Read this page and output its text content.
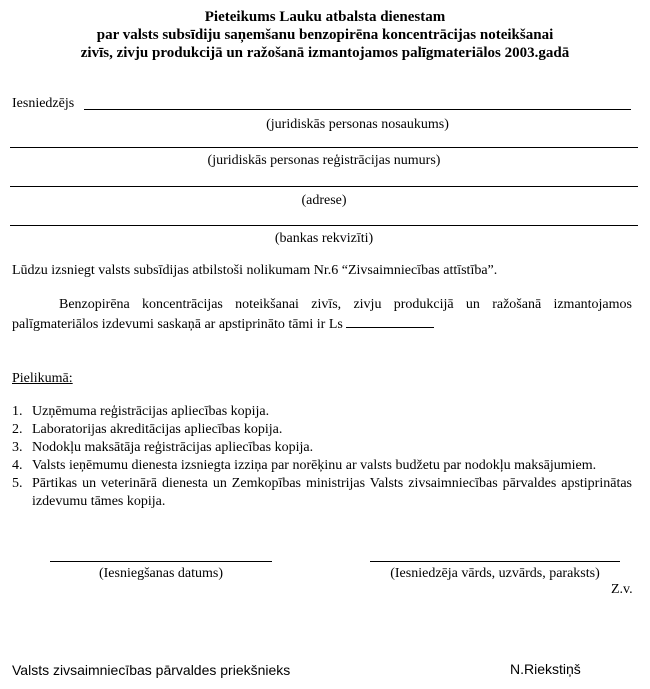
Pieteikums Lauku atbalsta dienestam
par valsts subsīdiju saņemšanu benzopirēna koncentrācijas noteikšanai
zivīs, zivju produkcijā un ražošanā izmantojamos palīgmateriālos 2003.gadā
Iesniedzējs
(juridiskās personas nosaukums)
(juridiskās personas reģistrācijas numurs)
(adrese)
(bankas rekvizīti)
Lūdzu izsniegt valsts subsīdijas atbilstoši nolikumam Nr.6 “Zivsaimniecības attīstība”.
Benzopirēna koncentrācijas noteikšanai zivīs, zivju produkcijā un ražošanā izmantojamos palīgmateriālos izdevumi saskaņā ar apstiprināto tāmi ir Ls
Pielikumā:
1. Uzņēmuma reģistrācijas apliecības kopija.
2. Laboratorijas akreditācijas apliecības kopija.
3. Nodokļu maksātāja reģistrācijas apliecības kopija.
4. Valsts ieņēmumu dienesta izsniegta izziņa par norēķinu ar valsts budžetu par nodokļu maksājumiem.
5. Pārtikas un veterinārā dienesta un Zemkopības ministrijas Valsts zivsaimniecības pārvaldes apstiprinātas izdevumu tāmes kopija.
(Iesniegšanas datums)	(Iesniedzēja vārds, uzvārds, paraksts)
Z.v.
Valsts zivsaimniecības pārvaldes priekšnieks	N.Riekstiņš
